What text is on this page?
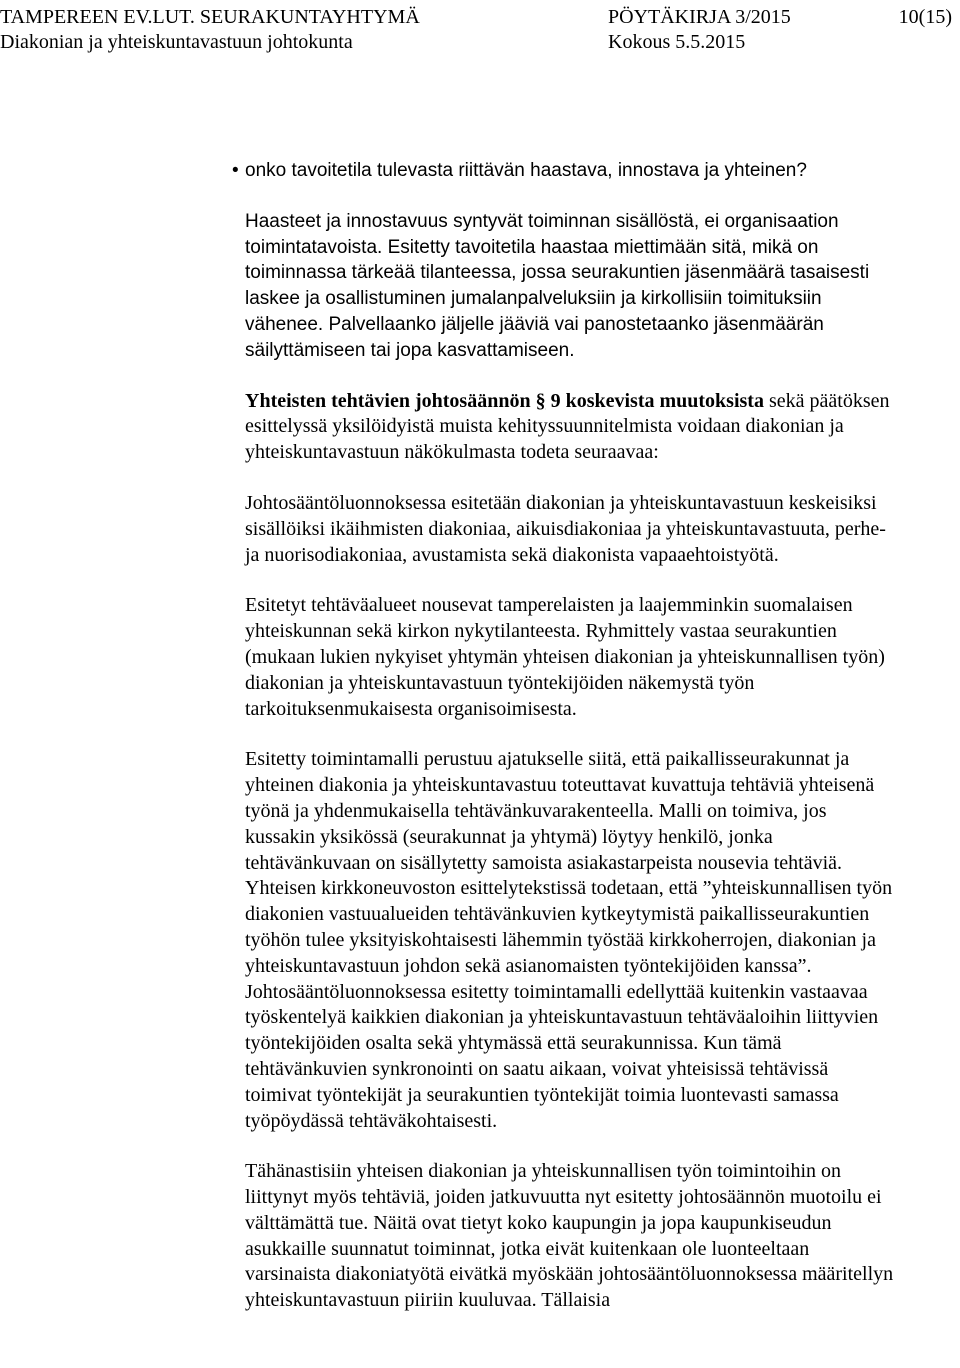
TAMPEREEN EV.LUT. SEURAKUNTAYHTYMÄ	PÖYTÄKIRJA 3/2015	10(15)
Diakonian ja yhteiskuntavastuun johtokunta	Kokous 5.5.2015
• onko tavoitetila tulevasta riittävän haastava, innostava ja yhteinen?

Haasteet ja innostavuus syntyvät toiminnan sisällöstä, ei organisaation toimintatavoista. Esitetty tavoitetila haastaa miettimään sitä, mikä on toiminnassa tärkeää tilanteessa, jossa seurakuntien jäsenmäärä tasaisesti laskee ja osallistuminen jumalanpalveluksiin ja kirkollisiin toimituksiin vähenee. Palvellaanko jäljelle jääviä vai panostetaanko jäsenmäärän säilyttämiseen tai jopa kasvattamiseen.

Yhteisten tehtävien johtosäännön § 9 koskevista muutoksista sekä päätöksen esittelyssä yksilöidyistä muista kehityssuunnitelmista voidaan diakonian ja yhteiskuntavastuun näkökulmasta todeta seuraavaa:

Johtosääntöluonnoksessa esitetään diakonian ja yhteiskuntavastuun keskeisiksi sisällöiksi ikäihmisten diakoniaa, aikuisdiakoniaa ja yhteiskuntavastuuta, perhe- ja nuorisodiakoniaa, avustamista sekä diakonista vapaaehtoistyötä.

Esitetyt tehtäväalueet nousevat tamperelaisten ja laajemminkin suomalaisen yhteiskunnan sekä kirkon nykytilanteesta. Ryhmittely vastaa seurakuntien (mukaan lukien nykyiset yhtymän yhteisen diakonian ja yhteiskunnallisen työn) diakonian ja yhteiskuntavastuun työntekijöiden näkemystä työn tarkoituksenmukaisesta organisoimisesta.

Esitetty toimintamalli perustuu ajatukselle siitä, että paikallisseurakunnat ja yhteinen diakonia ja yhteiskuntavastuu toteuttavat kuvattuja tehtäviä yhteisenä työnä ja yhdenmukaisella tehtävänkuvarakenteella. Malli on toimiva, jos kussakin yksikössä (seurakunnat ja yhtymä) löytyy henkilö, jonka tehtävänkuvaan on sisällytetty samoista asiakastarpeista nousevia tehtäviä. Yhteisen kirkkoneuvoston esittelytekstissä todetaan, että ”yhteiskunnallisen työn diakonien vastuualueiden tehtävänkuvien kytkeytymistä paikallisseurakuntien työhön tulee yksityiskohtaisesti lähemmin työstää kirkkoherrojen, diakonian ja yhteiskuntavastuun johdon sekä asianomaisten työntekijöiden kanssa”. Johtosääntöluonnoksessa esitetty toimintamalli edellyttää kuitenkin vastaavaa työskentelyä kaikkien diakonian ja yhteiskuntavastuun tehtäväaloihin liittyvien työntekijöiden osalta sekä yhtymässä että seurakunnissa. Kun tämä tehtävänkuvien synkronointi on saatu aikaan, voivat yhteisissä tehtävissä toimivat työntekijät ja seurakuntien työntekijät toimia luontevasti samassa työpöydässä tehtäväkohtaisesti.

Tähänastisiin yhteisen diakonian ja yhteiskunnallisen työn toimintoihin on liittynyt myös tehtäviä, joiden jatkuvuutta nyt esitetty johtosäännön muotoilu ei välttämättä tue. Näitä ovat tietyt koko kaupungin ja jopa kaupunkiseudun asukkaille suunnatut toiminnat, jotka eivät kuitenkaan ole luonteeltaan varsinaista diakoniatyötä eivätkä myöskään johtosääntöluonnoksessa määritellyn yhteiskuntavastuun piiriin kuuluvaa. Tällaisia
